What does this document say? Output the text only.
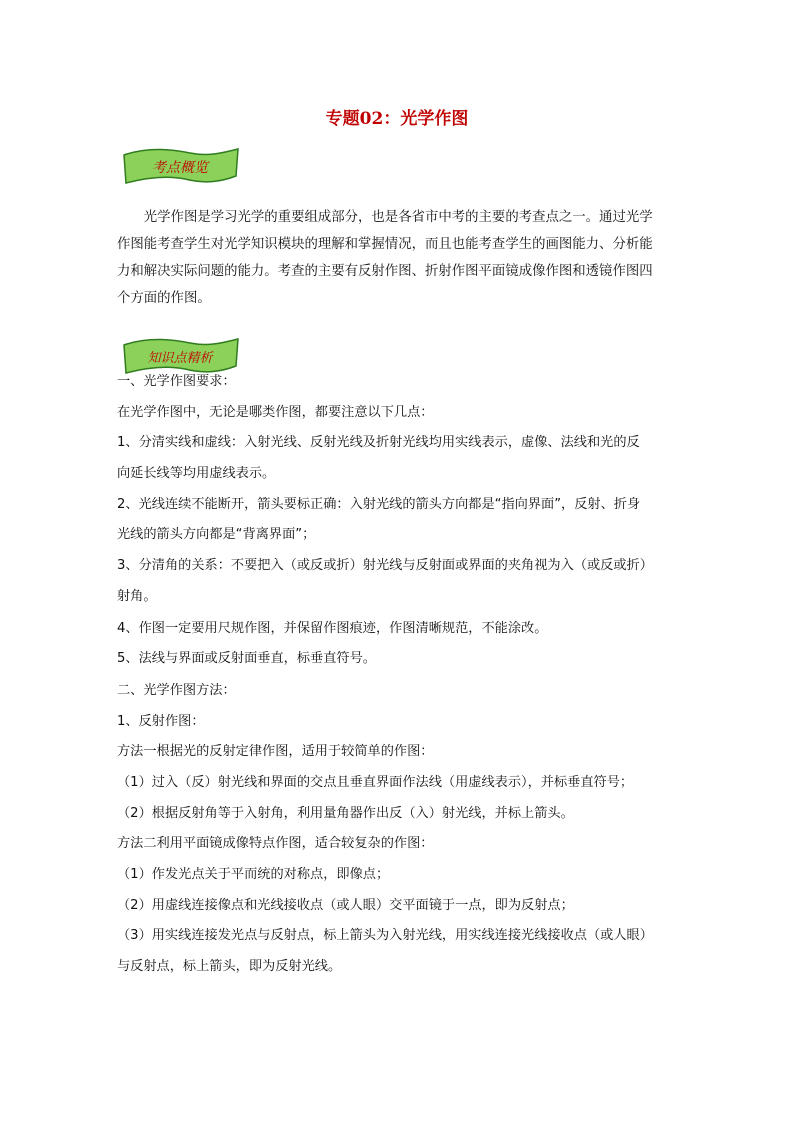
专题02：光学作图
考点概览
　　光学作图是学习光学的重要组成部分，也是各省市中考的主要的考查点之一。通过光学
作图能考查学生对光学知识模块的理解和掌握情况，而且也能考查学生的画图能力、分析能
力和解决实际问题的能力。考查的主要有反射作图、折射作图平面镜成像作图和透镜作图四
个方面的作图。
知识点精析
一、光学作图要求：
在光学作图中，无论是哪类作图，都要注意以下几点：
1、分清实线和虚线：入射光线、反射光线及折射光线均用实线表示，虚像、法线和光的反
向延长线等均用虚线表示。
2、光线连续不能断开，箭头要标正确：入射光线的箭头方向都是“指向界面”，反射、折身
光线的箭头方向都是“背离界面”；
3、分清角的关系：不要把入（或反或折）射光线与反射面或界面的夹角视为入（或反或折）
射角。
4、作图一定要用尺规作图，并保留作图痕迹，作图清晰规范，不能涂改。
5、法线与界面或反射面垂直，标垂直符号。
二、光学作图方法：
1、反射作图：
方法一根据光的反射定律作图，适用于较简单的作图：
（1）过入（反）射光线和界面的交点且垂直界面作法线（用虚线表示），并标垂直符号；
（2）根据反射角等于入射角，利用量角器作出反（入）射光线，并标上箭头。
方法二利用平面镜成像特点作图，适合较复杂的作图：
（1）作发光点关于平而统的对称点，即像点；
（2）用虚线连接像点和光线接收点（或人眼）交平面镜于一点，即为反射点；
（3）用实线连接发光点与反射点，标上箭头为入射光线，用实线连接光线接收点（或人眼）
与反射点，标上箭头，即为反射光线。
